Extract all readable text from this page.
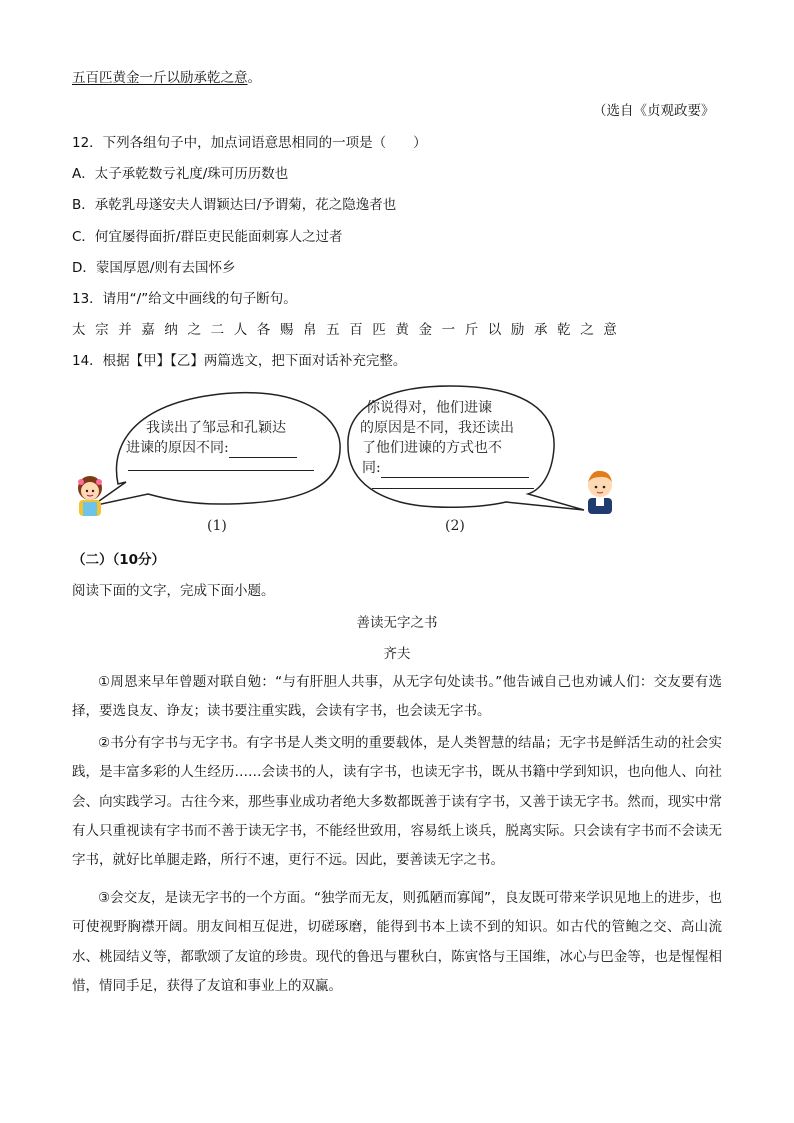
五百匹黄金一斤以励承乾之意。
（选自《贞观政要》
12．下列各组句子中，加点词语意思相同的一项是（　　）
A．太子承乾数亏礼度/珠可历历数也
B．承乾乳母遂安夫人谓颖达曰/予谓菊，花之隐逸者也
C．何宜屡得面折/群臣吏民能面刺寡人之过者
D．蒙国厚恩/则有去国怀乡
13．请用“/”给文中画线的句子断句。
太宗并嘉纳之二人各赐帛五百匹黄金一斤以励承乾之意
14．根据【甲】【乙】两篇选文，把下面对话补充完整。
我读出了邹忌和孔颖达
进谏的原因不同:
你说得对，他们进谏
的原因是不同，我还读出
了他们进谏的方式也不
同:
(1)	(2)
（二）（10分）
阅读下面的文字，完成下面小题。
善读无字之书
齐夫
①周恩来早年曾题对联自勉：“与有肝胆人共事，从无字句处读书。”他告诫自己也劝诫人们：交友要有选择，要选良友、诤友；读书要注重实践，会读有字书，也会读无字书。
②书分有字书与无字书。有字书是人类文明的重要载体，是人类智慧的结晶；无字书是鲜活生动的社会实践，是丰富多彩的人生经历……会读书的人，读有字书，也读无字书，既从书籍中学到知识，也向他人、向社会、向实践学习。古往今来，那些事业成功者绝大多数都既善于读有字书，又善于读无字书。然而，现实中常有人只重视读有字书而不善于读无字书，不能经世致用，容易纸上谈兵，脱离实际。只会读有字书而不会读无字书，就好比单腿走路，所行不速，更行不远。因此，要善读无字之书。
③会交友，是读无字书的一个方面。“独学而无友，则孤陋而寡闻”，良友既可带来学识见地上的进步，也可使视野胸襟开阔。朋友间相互促进，切磋琢磨，能得到书本上读不到的知识。如古代的管鲍之交、高山流水、桃园结义等，都歌颂了友谊的珍贵。现代的鲁迅与瞿秋白，陈寅恪与王国维，冰心与巴金等，也是惺惺相惜，情同手足，获得了友谊和事业上的双赢。
